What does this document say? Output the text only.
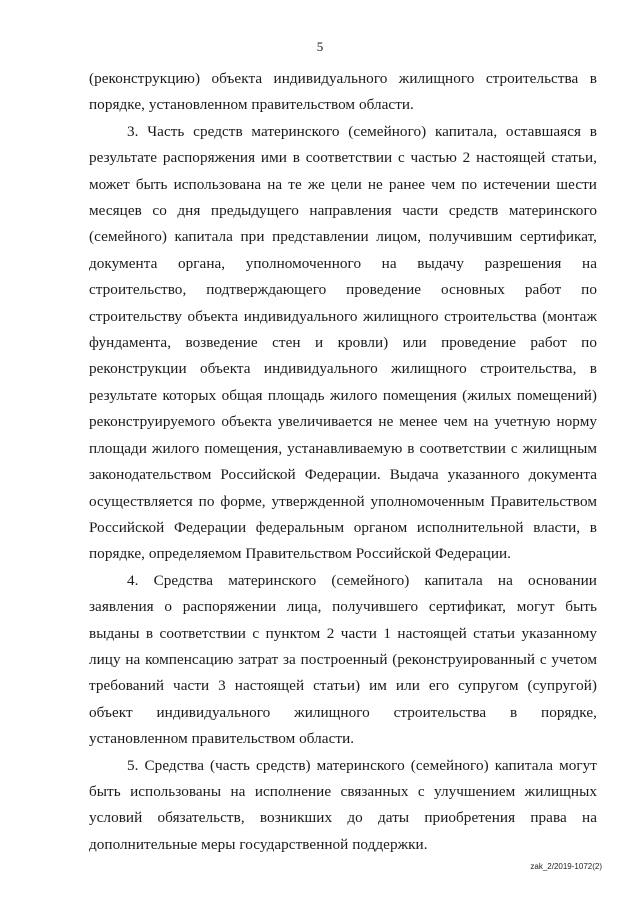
5

(реконструкцию) объекта индивидуального жилищного строительства в порядке, установленном правительством области.

3. Часть средств материнского (семейного) капитала, оставшаяся в результате распоряжения ими в соответствии с частью 2 настоящей статьи, может быть использована на те же цели не ранее чем по истечении шести месяцев со дня предыдущего направления части средств материнского (семейного) капитала при представлении лицом, получившим сертификат, документа органа, уполномоченного на выдачу разрешения на строительство, подтверждающего проведение основных работ по строительству объекта индивидуального жилищного строительства (монтаж фундамента, возведение стен и кровли) или проведение работ по реконструкции объекта индивидуального жилищного строительства, в результате которых общая площадь жилого помещения (жилых помещений) реконструируемого объекта увеличивается не менее чем на учетную норму площади жилого помещения, устанавливаемую в соответствии с жилищным законодательством Российской Федерации. Выдача указанного документа осуществляется по форме, утвержденной уполномоченным Правительством Российской Федерации федеральным органом исполнительной власти, в порядке, определяемом Правительством Российской Федерации.

4. Средства материнского (семейного) капитала на основании заявления о распоряжении лица, получившего сертификат, могут быть выданы в соответствии с пунктом 2 части 1 настоящей статьи указанному лицу на компенсацию затрат за построенный (реконструированный с учетом требований части 3 настоящей статьи) им или его супругом (супругой) объект индивидуального жилищного строительства в порядке, установленном правительством области.

5. Средства (часть средств) материнского (семейного) капитала могут быть использованы на исполнение связанных с улучшением жилищных условий обязательств, возникших до даты приобретения права на дополнительные меры государственной поддержки.

zak_2/2019-1072(2)
